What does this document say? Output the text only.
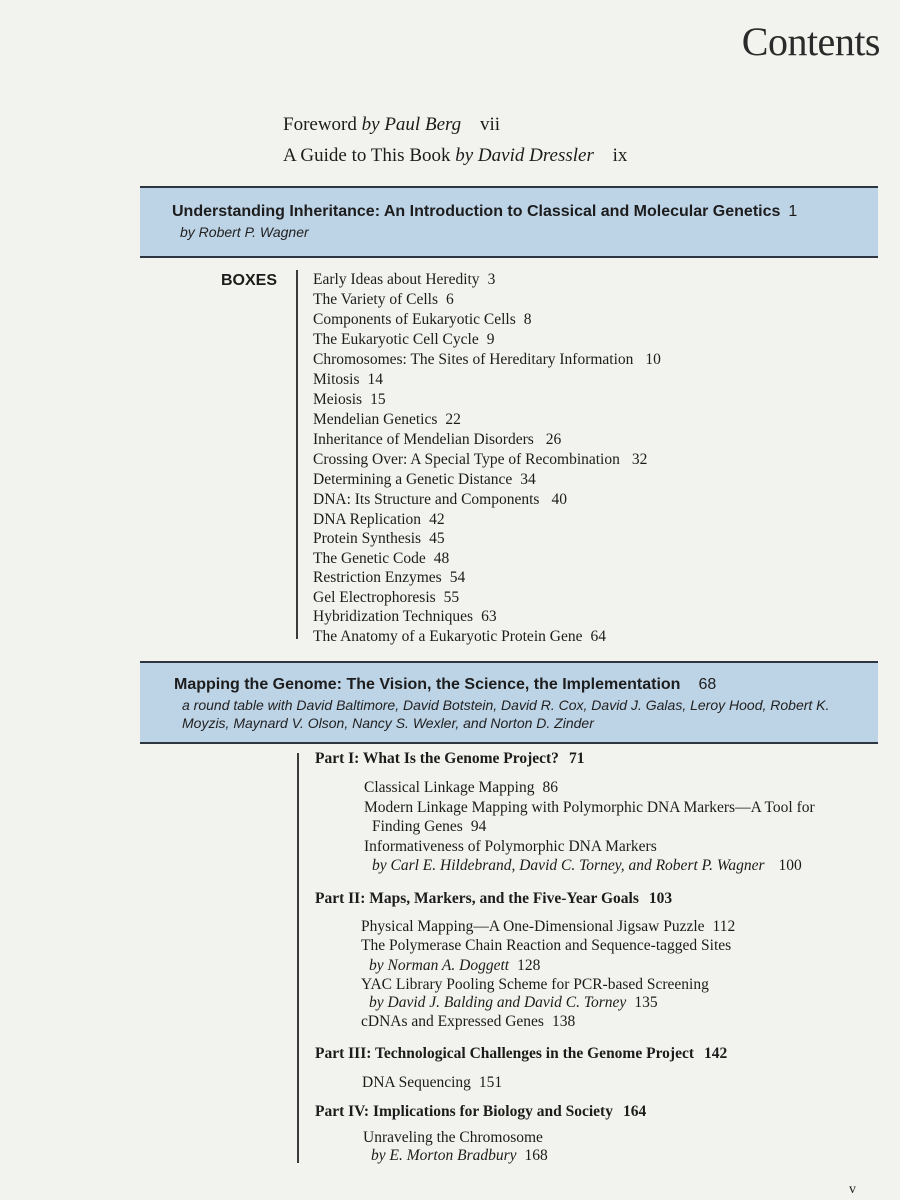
Contents
Foreword by Paul Berg vii
A Guide to This Book by David Dressler ix
Understanding Inheritance: An Introduction to Classical and Molecular Genetics 1
by Robert P. Wagner
BOXES Early Ideas about Heredity 3
The Variety of Cells 6
Components of Eukaryotic Cells 8
The Eukaryotic Cell Cycle 9
Chromosomes: The Sites of Hereditary Information 10
Mitosis 14
Meiosis 15
Mendelian Genetics 22
Inheritance of Mendelian Disorders 26
Crossing Over: A Special Type of Recombination 32
Determining a Genetic Distance 34
DNA: Its Structure and Components 40
DNA Replication 42
Protein Synthesis 45
The Genetic Code 48
Restriction Enzymes 54
Gel Electrophoresis 55
Hybridization Techniques 63
The Anatomy of a Eukaryotic Protein Gene 64
Mapping the Genome: The Vision, the Science, the Implementation 68
a round table with David Baltimore, David Botstein, David R. Cox, David J. Galas, Leroy Hood, Robert K.
Moyzis, Maynard V. Olson, Nancy S. Wexler, and Norton D. Zinder
Part I: What Is the Genome Project? 71
Classical Linkage Mapping 86
Modern Linkage Mapping with Polymorphic DNA Markers—A Tool for
Finding Genes 94
Informativeness of Polymorphic DNA Markers
by Carl E. Hildebrand, David C. Torney, and Robert P. Wagner 100
Part II: Maps, Markers, and the Five-Year Goals 103
Physical Mapping—A One-Dimensional Jigsaw Puzzle 112
The Polymerase Chain Reaction and Sequence-tagged Sites
by Norman A. Doggett 128
YAC Library Pooling Scheme for PCR-based Screening
by David J. Balding and David C. Torney 135
cDNAs and Expressed Genes 138
Part III: Technological Challenges in the Genome Project 142
DNA Sequencing 151
Part IV: Implications for Biology and Society 164
Unraveling the Chromosome
by E. Morton Bradbury 168
v
